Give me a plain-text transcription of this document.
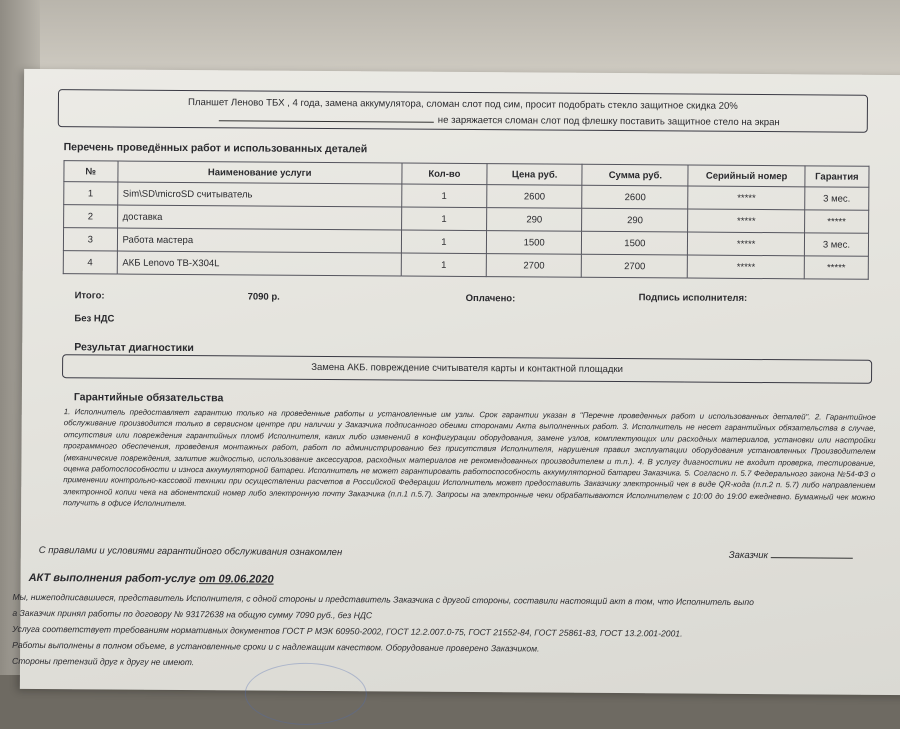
Планшет Леново ТБХ , 4 года, замена аккумулятора, сломан слот под сим, просит подобрать стекло защитное скидка 20%
не заряжается сломан слот под флешку поставить защитное стело на экран
Перечень проведённых работ и использованных деталей
№	Наименование услуги	Кол-во	Цена руб.	Сумма руб.	Серийный номер	Гарантия
1	Sim\SD\microSD считыватель	1	2600	2600	*****	3 мес.
2	доставка	1	290	290	*****	*****
3	Работа мастера	1	1500	1500	*****	3 мес.
4	АКБ Lenovo TB-X304L	1	2700	2700	*****	*****
Итого:	7090 р.	Оплачено:	Подпись исполнителя:
Без НДС
Результат диагностики
Замена АКБ. повреждение считывателя карты и контактной площадки
Гарантийные обязательства
1. Исполнитель предоставляет гарантию только на проведенные работы и установленные им узлы. Срок гарантии указан в "Перечне проведенных работ и использованных деталей". 2. Гарантийное обслуживание производится только в сервисном центре при наличии у Заказчика подписанного обеими сторонами Акта выполненных работ. 3. Исполнитель не несет гарантийных обязательства в случае, отсутствия или повреждения гарантийных пломб Исполнителя, каких либо изменений в конфигурации оборудования, замене узлов, комплектующих или расходных материалов, установки или настройки программного обеспечения, проведения монтажных работ, работ по администрированию без присутствия Исполнителя, нарушения правил эксплуатации оборудования установленных Производителем (механические повреждения, залитие жидкостью, использование аксессуаров, расходных материалов не рекомендованных производителем и т.п.). 4. В услугу диагностики не входит проверка, тестирование, оценка работоспособности и износа аккумуляторной батареи. Исполнитель не может гарантировать работоспособность аккумуляторной батареи Заказчика. 5. Согласно п. 5.7 Федерального закона №54-ФЗ о применении контрольно-кассовой техники при осуществлении расчетов в Российской Федерации Исполнитель может предоставить Заказчику электронный чек в виде QR-кода (п.п.2 п. 5.7) либо направлением электронной копии чека на абонентский номер либо электронную почту Заказчика (п.п.1 п.5.7). Запросы на электронные чеки обрабатываются Исполнителем с 10:00 до 19:00 ежедневно. Бумажный чек можно получить в офисе Исполнителя.
С правилами и условиями гарантийного обслуживания ознакомлен	Заказчик
АКТ выполнения работ-услуг от 09.06.2020
Мы, нижеподписавшиеся, представитель Исполнителя, с одной стороны и представитель Заказчика с другой стороны, составили настоящий акт в том, что Исполнитель выпо
а Заказчик принял работы по договору № 93172638 на общую сумму 7090 руб., без НДС
Услуга соответствует требованиям нормативных документов ГОСТ Р МЭК 60950-2002, ГОСТ 12.2.007.0-75, ГОСТ 21552-84, ГОСТ 25861-83, ГОСТ 13.2.001-2001.
Работы выполнены в полном объеме, в установленные сроки и с надлежащим качеством. Оборудование проверено Заказчиком.
Стороны претензий друг к другу не имеют.
